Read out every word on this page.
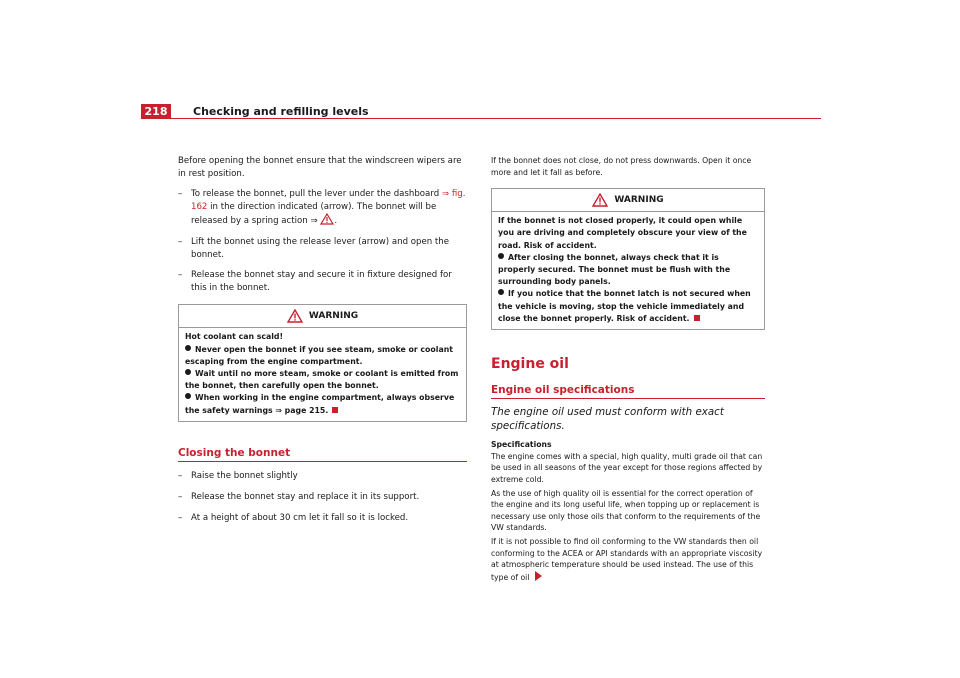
218	Checking and refilling levels

Before opening the bonnet ensure that the windscreen wipers are in rest position.

– To release the bonnet, pull the lever under the dashboard ⇒ fig. 162 in the direction indicated (arrow). The bonnet will be released by a spring action ⇒ .
– Lift the bonnet using the release lever (arrow) and open the bonnet.
– Release the bonnet stay and secure it in fixture designed for this in the bonnet.
WARNING
Hot coolant can scald!
Never open the bonnet if you see steam, smoke or coolant escaping from the engine compartment.
Wait until no more steam, smoke or coolant is emitted from the bonnet, then carefully open the bonnet.
When working in the engine compartment, always observe the safety warnings ⇒ page 215.
Closing the bonnet
– Raise the bonnet slightly
– Release the bonnet stay and replace it in its support.
– At a height of about 30 cm let it fall so it is locked.

If the bonnet does not close, do not press downwards. Open it once more and let it fall as before.

WARNING
If the bonnet is not closed properly, it could open while you are driving and completely obscure your view of the road. Risk of accident.
After closing the bonnet, always check that it is properly secured. The bonnet must be flush with the surrounding body panels.
If you notice that the bonnet latch is not secured when the vehicle is moving, stop the vehicle immediately and close the bonnet properly. Risk of accident.
Engine oil
Engine oil specifications
The engine oil used must conform with exact specifications.
Specifications

The engine comes with a special, high quality, multi grade oil that can be used in all seasons of the year except for those regions affected by extreme cold.

As the use of high quality oil is essential for the correct operation of the engine and its long useful life, when topping up or replacement is necessary use only those oils that conform to the requirements of the VW standards.

If it is not possible to find oil conforming to the VW standards then oil conforming to the ACEA or API standards with an appropriate viscosity at atmospheric temperature should be used instead. The use of this type of oil
